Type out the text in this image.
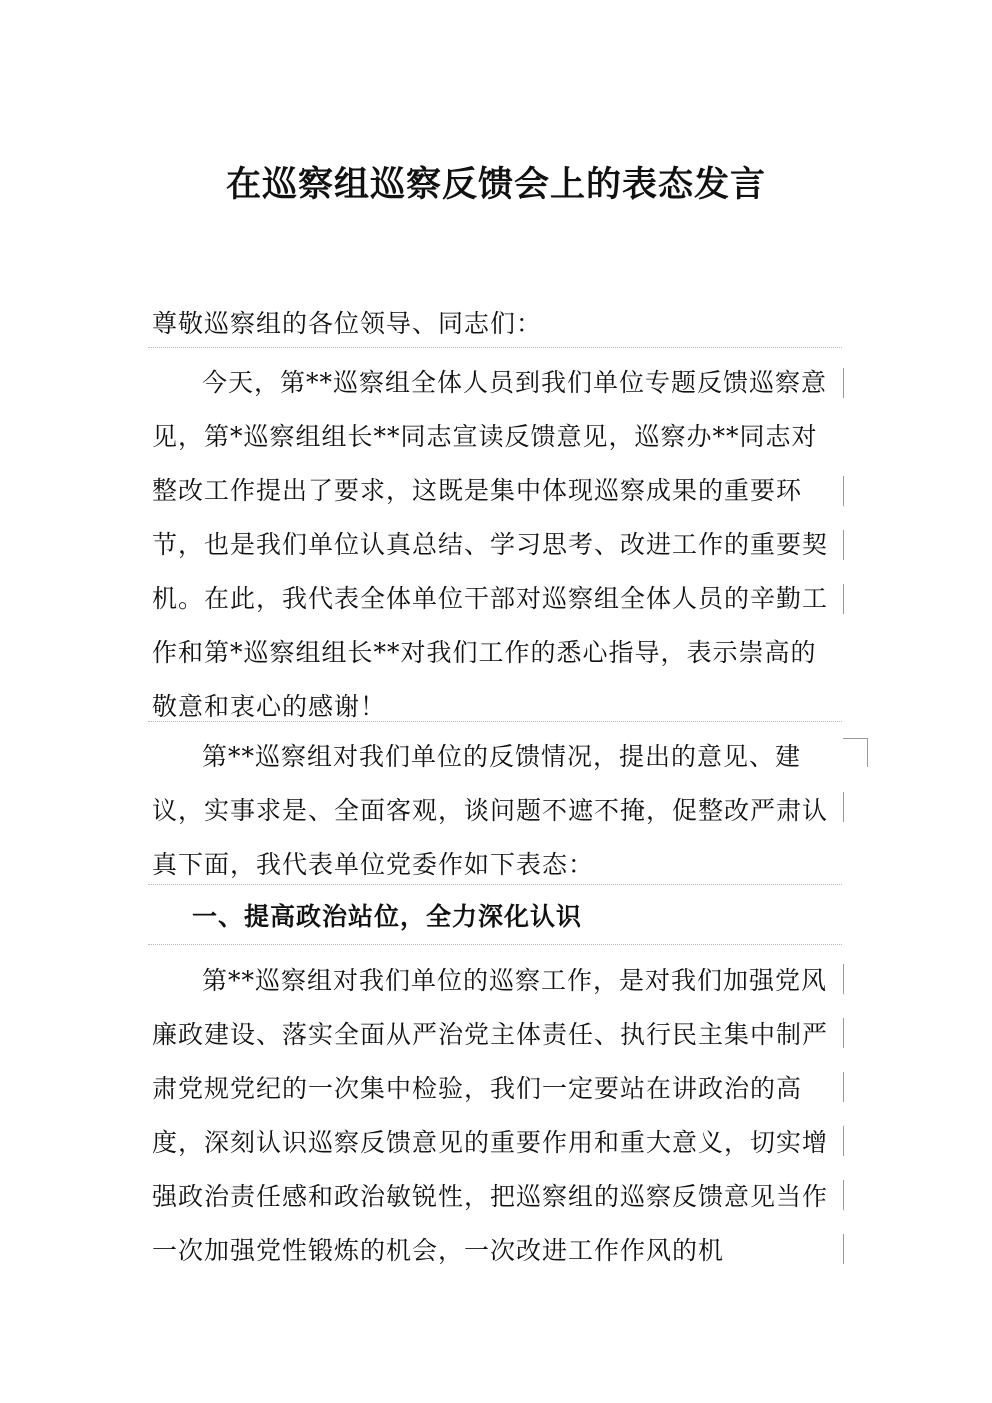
在巡察组巡察反馈会上的表态发言
尊敬巡察组的各位领导、同志们：
今天，第**巡察组全体人员到我们单位专题反馈巡察意见，第*巡察组组长**同志宣读反馈意见，巡察办**同志对整改工作提出了要求，这既是集中体现巡察成果的重要环节，也是我们单位认真总结、学习思考、改进工作的重要契机。在此，我代表全体单位干部对巡察组全体人员的辛勤工作和第*巡察组组长**对我们工作的悉心指导，表示崇高的敬意和衷心的感谢！
第**巡察组对我们单位的反馈情况，提出的意见、建议，实事求是、全面客观，谈问题不遮不掩，促整改严肃认真下面，我代表单位党委作如下表态：
一、提高政治站位，全力深化认识
第**巡察组对我们单位的巡察工作，是对我们加强党风廉政建设、落实全面从严治党主体责任、执行民主集中制严肃党规党纪的一次集中检验，我们一定要站在讲政治的高度，深刻认识巡察反馈意见的重要作用和重大意义，切实增强政治责任感和政治敏锐性，把巡察组的巡察反馈意见当作一次加强党性锻炼的机会，一次改进工作作风的机
